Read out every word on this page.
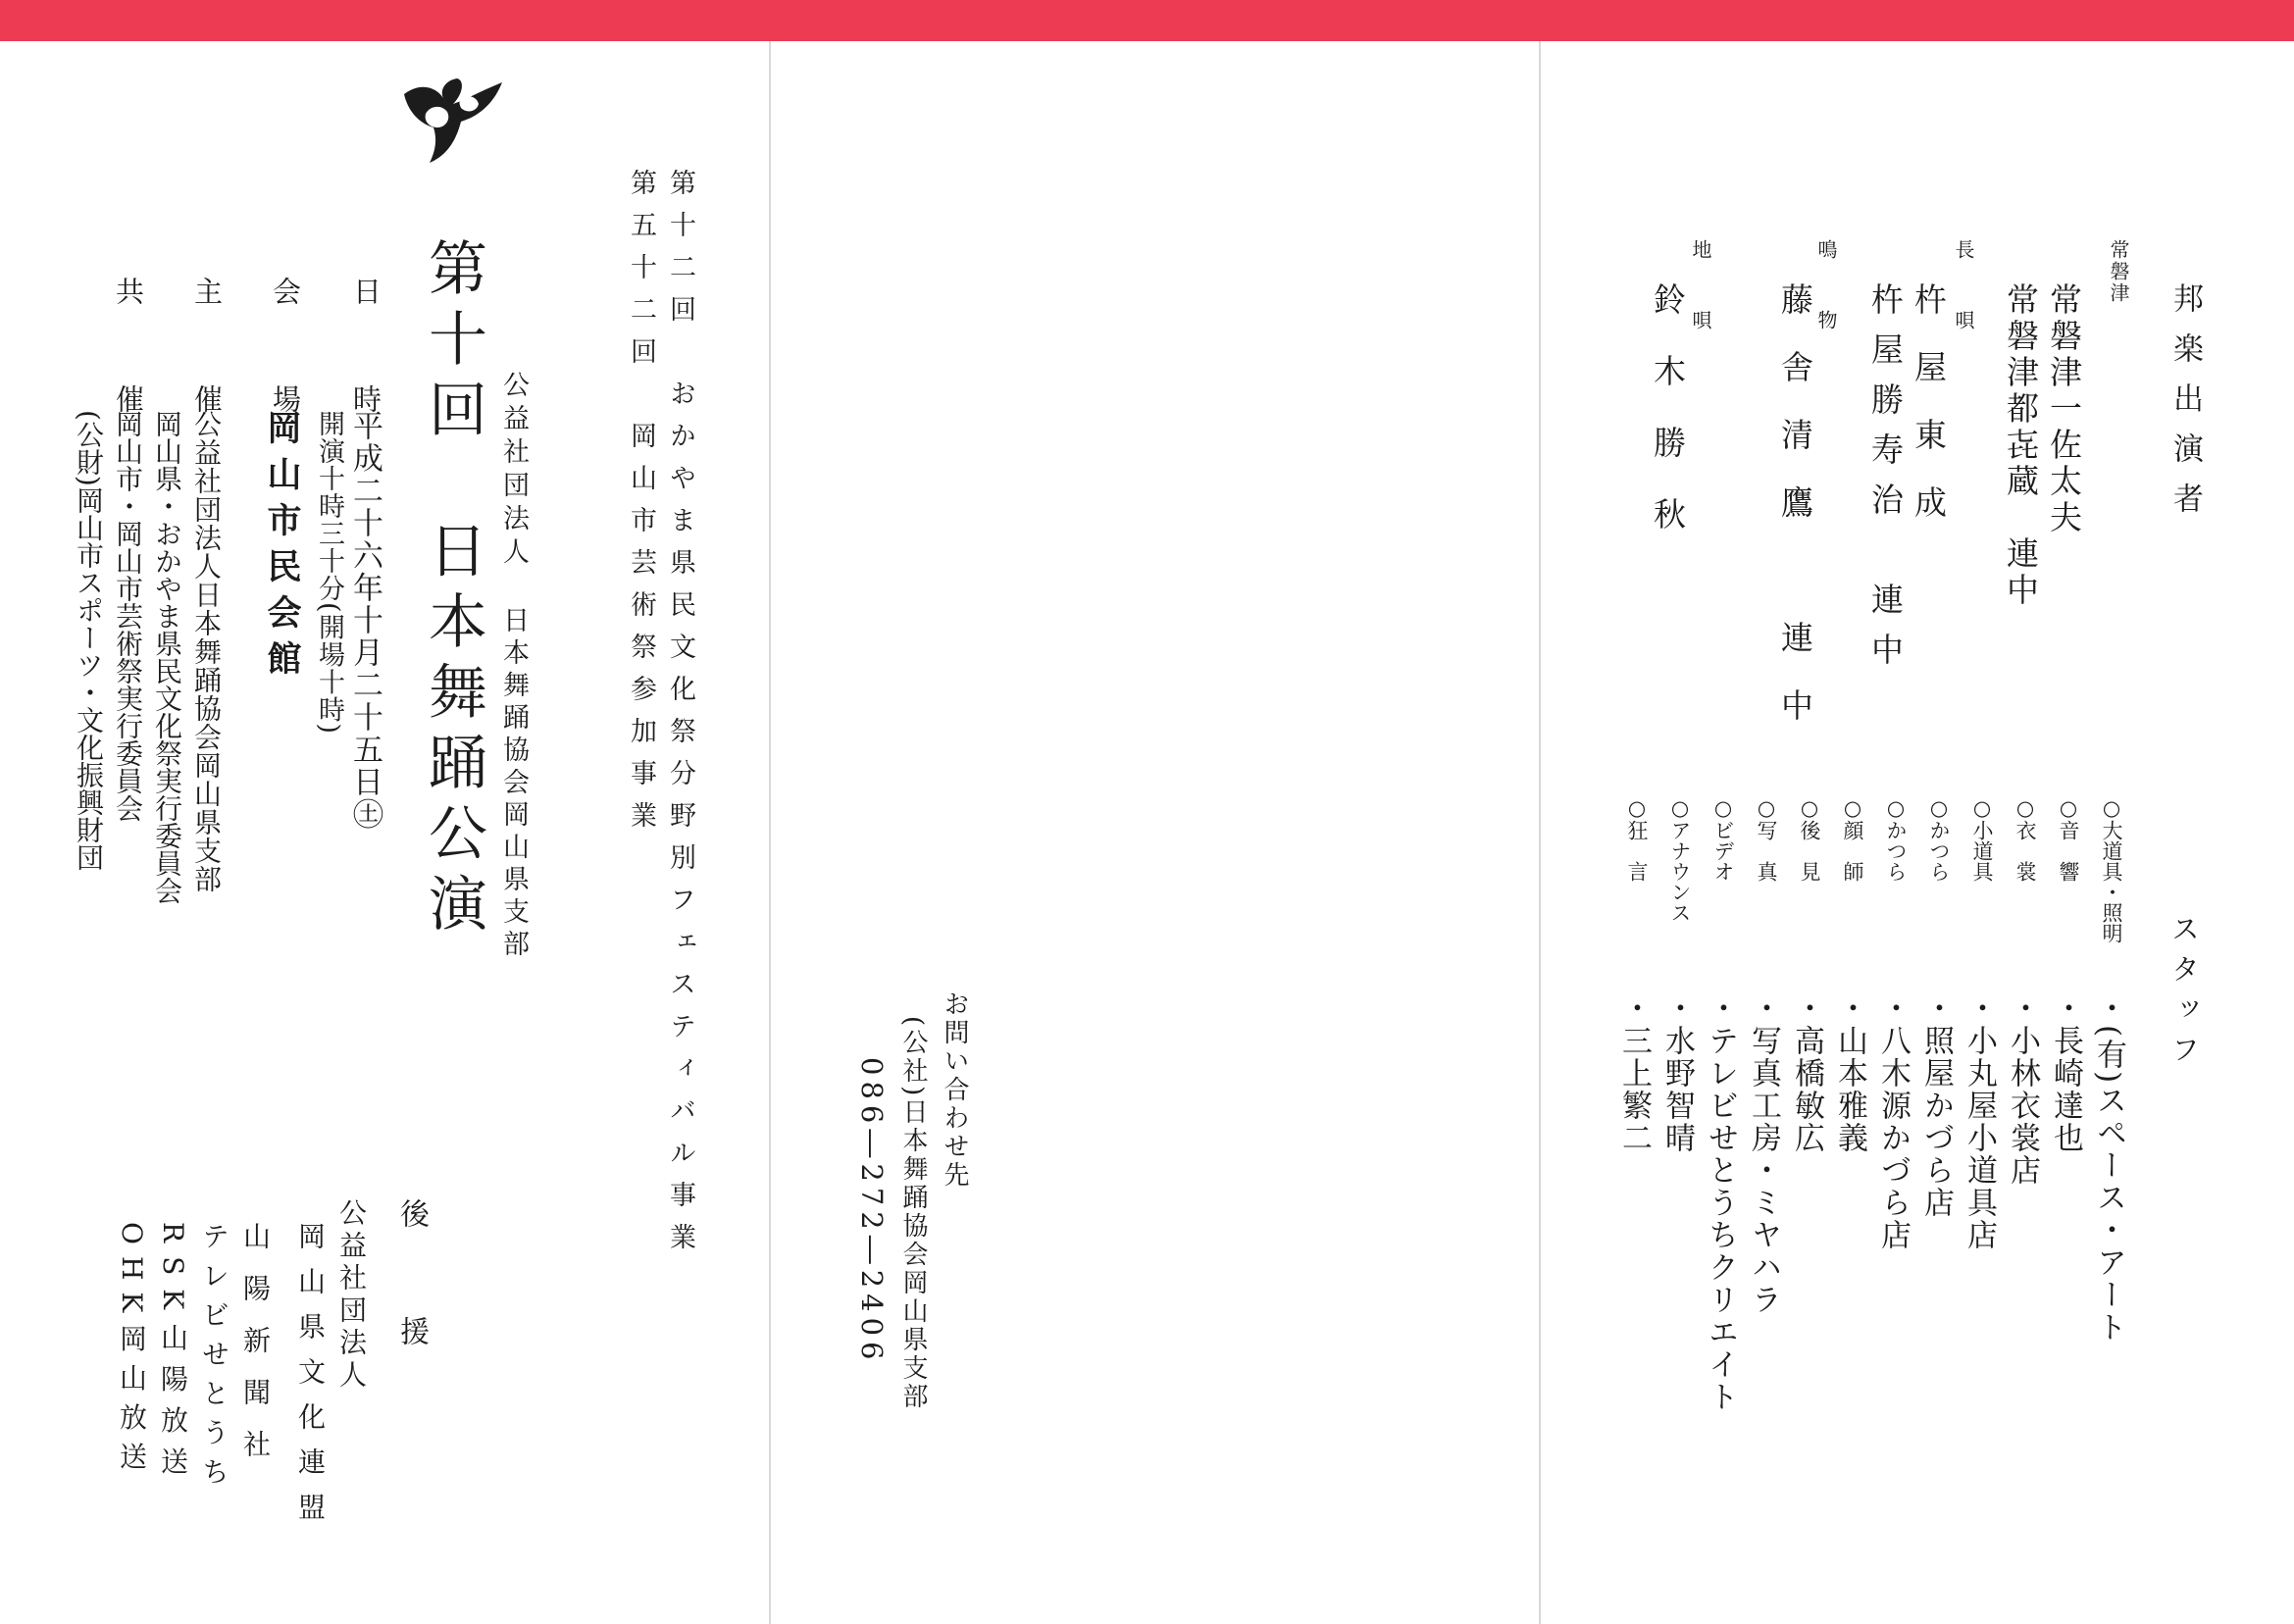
第十二回　おかやま県民文化祭分野別フェスティバル事業
第五十二回　岡山市芸術祭参加事業
公益社団法人
日本舞踊協会岡山県支部
第十回　日本舞踊公演
日　時
平成二十六年十月二十五日㊏
開演十時三十分(開場十時)
会　場
岡山市民会館
主　催
公益社団法人日本舞踊協会岡山県支部
共　催
岡山県・おかやま県民文化祭実行委員会
岡山市・岡山市芸術祭実行委員会
(公財)岡山市スポーツ・文化振興財団
後　援
公益社団法人
岡山県文化連盟
山陽新聞社
テレビせとうち
RSK山陽放送
OHK岡山放送
お問い合わせ先
(公社)日本舞踊協会岡山県支部
086―272―2406
邦楽出演者
常磐津
常磐津一佐太夫
常磐津都㐂蔵　連中
長　唄
杵屋東成
杵屋勝寿治　連中
鳴　物
藤舎清鷹　連中
地　唄
鈴木勝秋
スタッフ
○大道具・照明
・(有)スペース・アート
○音　響
・長崎達也
○衣　裳
・小林衣裳店
○小道具
・小丸屋小道具店
○かつら
・照屋かづら店
○かつら
・八木源かづら店
○顔　師
・山本雅義
○後　見
・高橋敏広
○写　真
・写真工房・ミヤハラ
○ビデオ
・テレビせとうちクリエイト
○アナウンス
・水野智晴
○狂　言
・三上繁二
